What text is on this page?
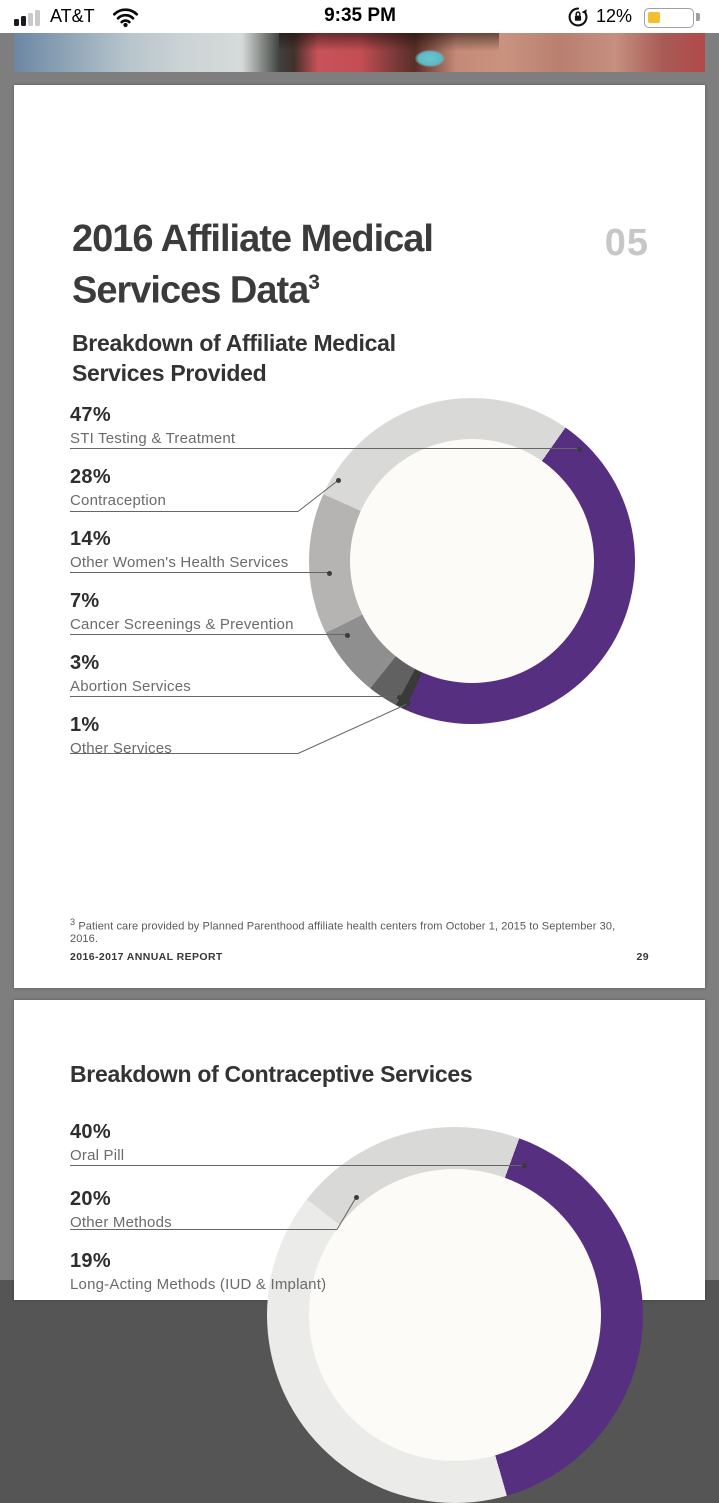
AT&T	9:35 PM	12%
2016 Affiliate Medical
Services Data$^3$
05
Breakdown of Affiliate Medical
Services Provided
47%
STI Testing & Treatment
28%
Contraception
14%
Other Women's Health Services
7%
Cancer Screenings & Prevention
3%
Abortion Services
1%
Other Services
$^3$ Patient care provided by Planned Parenthood affiliate health centers from October 1, 2015 to September 30, 2016.
2016-2017 ANNUAL REPORT	29
Breakdown of Contraceptive Services
40%
Oral Pill
20%
Other Methods
19%
Long-Acting Methods (IUD & Implant)
